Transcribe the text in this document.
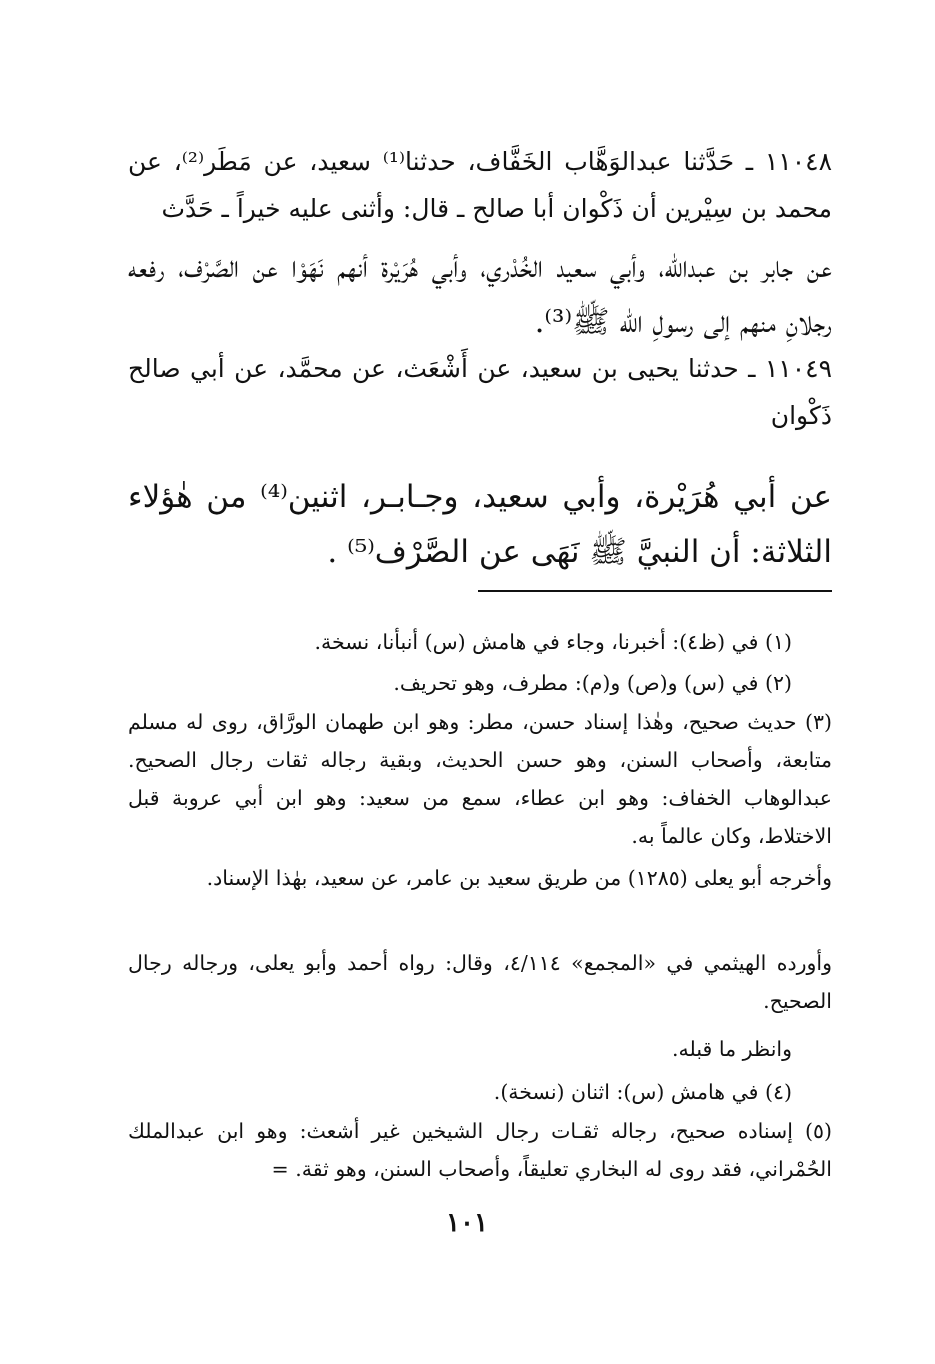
١١٠٤٨ ـ حَدَّثنا عبدالوَهَّاب الخَفَّاف، حدثنا⁽¹⁾ سعيد، عن مَطَر⁽²⁾، عن محمد بن سِيْرين أن ذَكْوان أبا صالح ـ قال: وأثنى عليه خيراً ـ حَدَّث

عن جابر بن عبدالله، وأبي سعيد الخُدْري، وأبي هُرَيْرة أنهم نَهَوْا عن الصَّرْف، رفعه رجلانِ منهم إلى رسولِ الله ﷺ⁽³⁾.

١١٠٤٩ ـ حدثنا يحيى بن سعيد، عن أَشْعَث، عن محمَّد، عن أبي صالح ذَكْوان

عن أبي هُرَيْرة، وأبي سعيد، وجـابـر، اثنين⁽⁴⁾ من هٰؤلاء الثلاثة: أن النبيَّ ﷺ نَهَى عن الصَّرْف⁽⁵⁾ .

(١) في (ظ٤): أخبرنا، وجاء في هامش (س) أنبأنا، نسخة.

(٢) في (س) و(ص) و(م): مطرف، وهو تحريف.

(٣) حديث صحيح، وهٰذا إسناد حسن، مطر: وهو ابن طهمان الورَّاق، روى له مسلم متابعة، وأصحاب السنن، وهو حسن الحديث، وبقية رجاله ثقات رجال الصحيح. عبدالوهاب الخفاف: وهو ابن عطاء، سمع من سعيد: وهو ابن أبي عروبة قبل الاختلاط، وكان عالماً به.

وأخرجه أبو يعلى (١٢٨٥) من طريق سعيد بن عامر، عن سعيد، بهٰذا الإسناد.

وأورده الهيثمي في «المجمع» ٤/١١٤، وقال: رواه أحمد وأبو يعلى، ورجاله رجال الصحيح.

وانظر ما قبله.

(٤) في هامش (س): اثنان (نسخة).

(٥) إسناده صحيح، رجاله ثقـات رجال الشيخين غير أشعث: وهو ابن عبدالملك الحُمْراني، فقد روى له البخاري تعليقاً، وأصحاب السنن، وهو ثقة. =

١٠١
